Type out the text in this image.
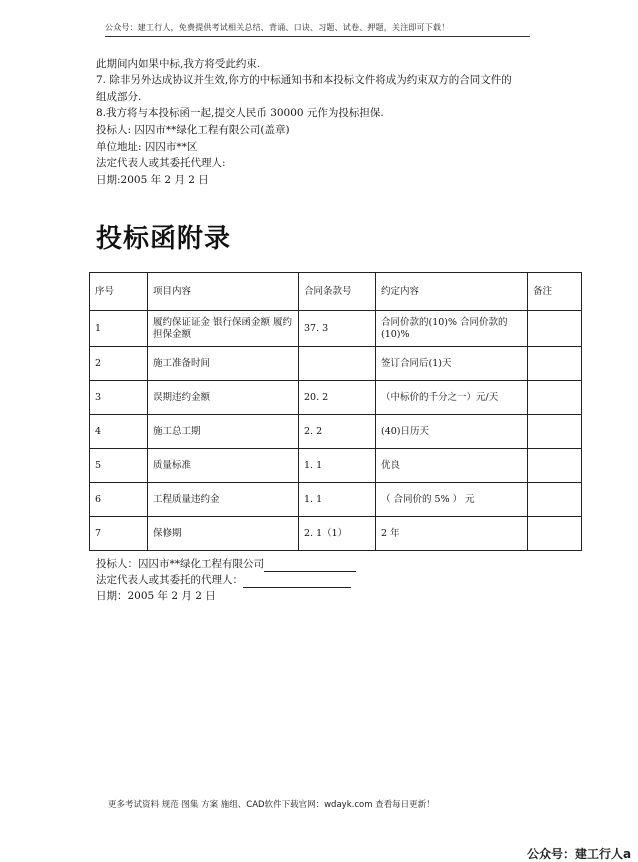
公众号：建工行人，免费提供考试相关总结、背诵、口诀、习题、试卷、押题，关注即可下载！
此期间内如果中标,我方将受此约束.
7. 除非另外达成协议并生效,你方的中标通知书和本投标文件将成为约束双方的合同文件的
组成部分.
8.我方将与本投标函一起,提交人民币 30000 元作为投标担保.
投标人: 囚囚市**绿化工程有限公司(盖章)
单位地址: 囚囚市**区
法定代表人或其委托代理人:
日期:2005 年 2 月 2 日
投标函附录
序号	项目内容	合同条款号	约定内容	备注
1	履约保证证金 银行保函金额 履约担保金额	37. 3	合同价款的(10)% 合同价款的(10)%	
2	施工准备时间		签订合同后(1)天	
3	误期违约金额	20. 2	（中标价的千分之一）元/天	
4	施工总工期	2. 2	(40)日历天	
5	质量标准	1. 1	优良	
6	工程质量违约金	1. 1	（ 合同价的 5% ） 元	
7	保修期	2. 1（1）	2 年	
投标人：囚囚市**绿化工程有限公司
法定代表人或其委托的代理人：
日期：2005 年 2 月 2 日
更多考试资料 规范 图集 方案 施组、CAD软件下载官网：wdayk.com 查看每日更新！
公众号：建工行人a
